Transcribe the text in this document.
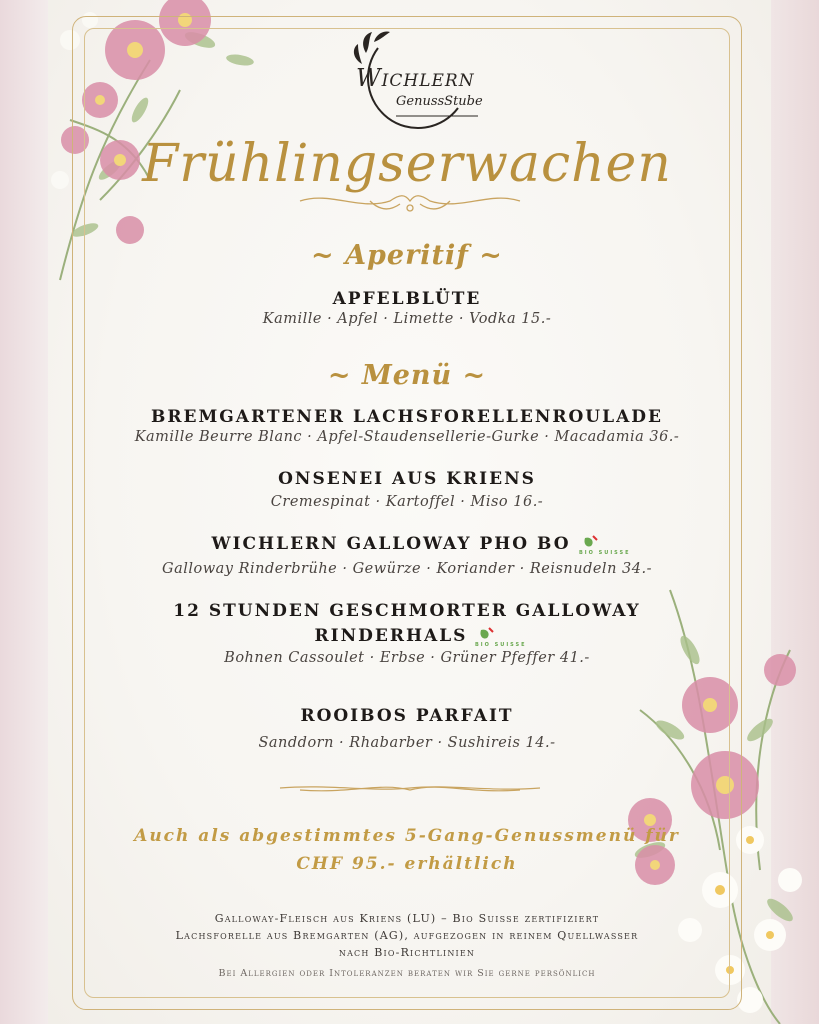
Wichlern
GenussStube
Frühlingserwachen
~ Aperitif ~
APFELBLÜTE
Kamille · Apfel · Limette · Vodka 15.-
~ Menü ~
BREMGARTENER LACHSFORELLENROULADE
Kamille Beurre Blanc · Apfel-Staudensellerie-Gurke · Macadamia 36.-
ONSENEI AUS KRIENS
Cremespinat · Kartoffel · Miso 16.-
WICHLERN GALLOWAY PHO BO BIO SUISSE
Galloway Rinderbrühe · Gewürze · Koriander · Reisnudeln 34.-
12 STUNDEN GESCHMORTER GALLOWAY
RINDERHALS BIO SUISSE
Bohnen Cassoulet · Erbse · Grüner Pfeffer 41.-
ROOIBOS PARFAIT
Sanddorn · Rhabarber · Sushireis 14.-
Auch als abgestimmtes 5-Gang-Genussmenü für
CHF 95.- erhältlich
Galloway-Fleisch aus Kriens (LU) – Bio Suisse zertifiziert
Lachsforelle aus Bremgarten (AG), aufgezogen in reinem Quellwasser
nach Bio-Richtlinien
Bei Allergien oder Intoleranzen beraten wir Sie gerne persönlich
